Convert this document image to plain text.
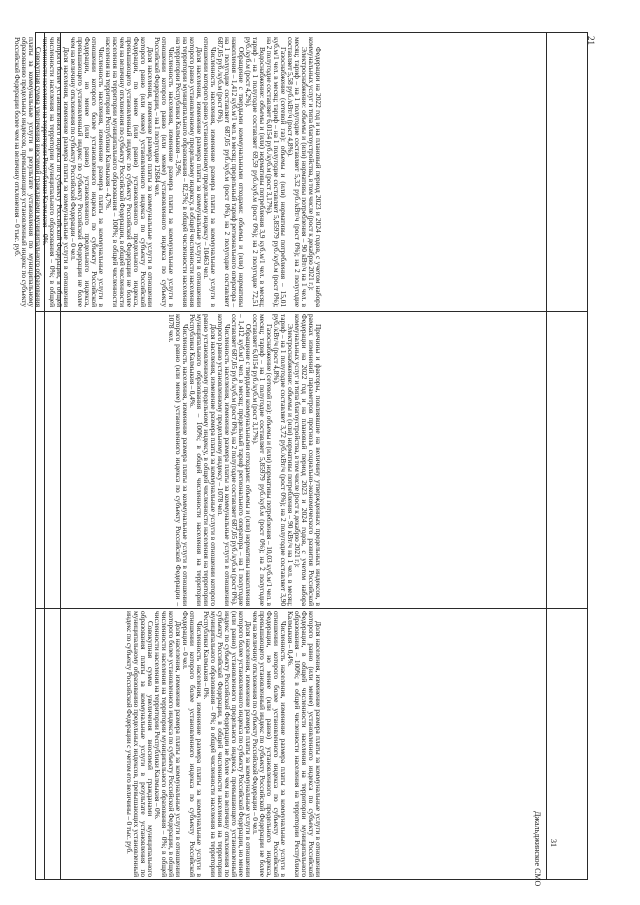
21

Федерации на 2022 год и на плановый период 2023 и 2024 годов, с учетом набора коммунальных услуг и типа благоустройства, в том числе (рост к декабрю 2021 г.):

Электроснабжение: объемы и (или) нормативы потребления – 90 кВт/ч на 1 чел. в месяц; тариф – на 1 полугодие составляет 5,32 руб./кВт/ч (рост 0%); на 2 полугодие составляет 5,58 руб./кВт/ч (рост 4,8%).

Газоснабжение (сетевой газ): объемы и (или) нормативы потребления – 15,01 куб.м/1 чел. в месяц; тариф – на 1 полугодие составляет 5,85979 руб./куб.м (рост 0%); на 2 полугодие составляет 6,0154 руб./куб.м (рост 3,17%).

Водоснабжение: объемы и (или) нормативы потребления 3,9 куб.м/1 чел. в месяц; тариф – на 1 полугодие составляет 69,59 руб./куб.м (рост 0%); на 2 полугодие 72,51 руб./куб.м (рост 4,2%).

Обращение с твердыми коммунальными отходами: объемы и (или) нормативы накопления – 1,412 куб.м/1 чел. в месяц; предельный тариф регионального оператора – на 1 полугодие составляет 687,05 руб./куб.м (рост 0%), на 2 полугодие составляет 687,05 руб./куб.м (рост 0%).

Численность населения, изменение размера платы за коммунальные услуги в отношении которого равно установленному предельному индексу – 10463 чел.

Доля населения, изменение размера платы за коммунальные услуги в отношении которого равно установленному предельному индексу, в общей численности населения на территории муниципального образования – 82,5%; в общей численности населения на территории Республики Калмыкия – 3,9%.

Численность населения, изменение размера платы за коммунальные услуги в отношении которого равно (или менее) установленного индекса по субъекту Российской Федерации, – на 1 полугодие 12684 чел.

Доля населения, изменение размера платы за коммунальные услуги в отношении которого равно (или менее) установленного индекса по субъекту Российской Федерации, по менее (или равно) установленного предельного индекса, превышающего установленный индекс по субъекту Российской Федерации не более чем на величину отклонения по субъекту Российской Федерации, в общей численности населения на территории муниципального образования – 100%; в общей численности населения на территории Республики Калмыкия – 4,7%.

Численность населения, изменение размера платы за коммунальные услуги в отношении которого более установленного индекса по субъекту Российской Федерации, но менее (или равно) установленного предельного индекса, превышающего установленный индекс по субъекту Российской Федерации не более чем на величину отклонения по субъекту Российской Федерации – 0 чел.

Доля населения, изменение размера платы за коммунальные услуги в отношении которого более установленного индекса по субъекту Российской Федерации, в общей численности населения на территории муниципального образования – 0%; в общей численности населения на территории Республики Калмыкия – 0%.

Совокупная сумма увеличения вносимой гражданами муниципального образования платы за коммунальные услуги в результате установления по муниципальному образованию предельных индексов, превышающих установленный индекс по субъекту Российской Федерации более чем на величину отклонения – 0 тыс. руб.

Причины и факторы, повлиявшие на величину утвержденных предельных индексов, в рамках изменений параметров прогноза социально-экономического развития Российской Федерации на 2022 год и на плановый период 2023 и 2024 годов, с учетом набора коммунальных услуг и типа благоустройства, в том числе (рост к декабрю 2021 г.):

Электроснабжение: объемы и (или) нормативы потребления – 90 кВт/ч на 1 чел. в месяц; тариф – на 1 полугодие составляет 3,72 руб./кВт/ч (рост 0%); на 2 полугодие составляет 3,90 руб./кВт/ч (рост 4,8%).

Газоснабжение (сетевой газ): объемы и (или) нормативы потребления – 10,03 куб.м/1 чел. в месяц; тариф – на 1 полугодие составляет 5,85979 руб./куб.м (рост 0%); на 2 полугодие составляет 6,0154 руб./куб.м (рост 3,17%).

Обращение с твердыми коммунальными отходами: объемы и (или) нормативы накопления – 1,412 куб.м/1 чел. в месяц; предельный тариф регионального оператора – на 1 полугодие составляет 687,05 руб./куб.м (рост 0%), на 2 полугодие составляет 687,05 руб./куб.м (рост 0%).

Численность населения, изменение размера платы за коммунальные услуги в отношении которого равно установленному предельному индексу – 1078 чел.

Доля населения, изменение размера платы за коммунальные услуги в отношении которого равно установленному предельному индексу, в общей численности населения на территории муниципального образования – 100%; в общей численности населения на территории Республики Калмыкия – 0,4%.

Численность населения, изменение размера платы за коммунальные услуги в отношении которого равно (или менее) установленного индекса по субъекту Российской Федерации – 1078 чел.

31
Джальджинское СМО

Доля населения, изменение размера платы за коммунальные услуги в отношении которого равно (или менее) установленного индекса по субъекту Российской Федерации, в общей численности населения на территории муниципального образования – 100%; в общей численности населения на территории Республики Калмыкия – 0,4%.

Численность населения, изменение размера платы за коммунальные услуги в отношении которого более установленного индекса по субъекту Российской Федерации, но менее (или равно) установленного предельного индекса, превышающего установленный индекс по субъекту Российской Федерации не более чем на величину отклонения по субъекту Российской Федерации – 0 чел.

Доля населения, изменение размера платы за коммунальные услуги в отношении которого более установленного индекса по субъекту Российской Федерации, но менее (или равно) установленного предельного индекса, превышающего установленный индекс по субъекту Российской Федерации не более чем на величину отклонения по субъекту Российской Федерации, в общей численности населения на территории муниципального образования – 0%; в общей численности населения на территории Республики Калмыкия – 0%.

Численность населения, изменение размера платы за коммунальные услуги в отношении которого более установленного индекса по субъекту Российской Федерации – 0 чел.

Доля населения, изменение размера платы за коммунальные услуги в отношении которого более установленного индекса по субъекту Российской Федерации, в общей численности населения на территории муниципального образования – 0%; в общей численности населения на территории Республики Калмыкия – 0%.

Совокупная сумма увеличения вносимой гражданами муниципального образования платы за коммунальные услуги в результате установления по муниципальному образованию предельных индексов, превышающих установленный индекс по субъекту Российской Федерации с учетом его величины – 0 тыс. руб.
